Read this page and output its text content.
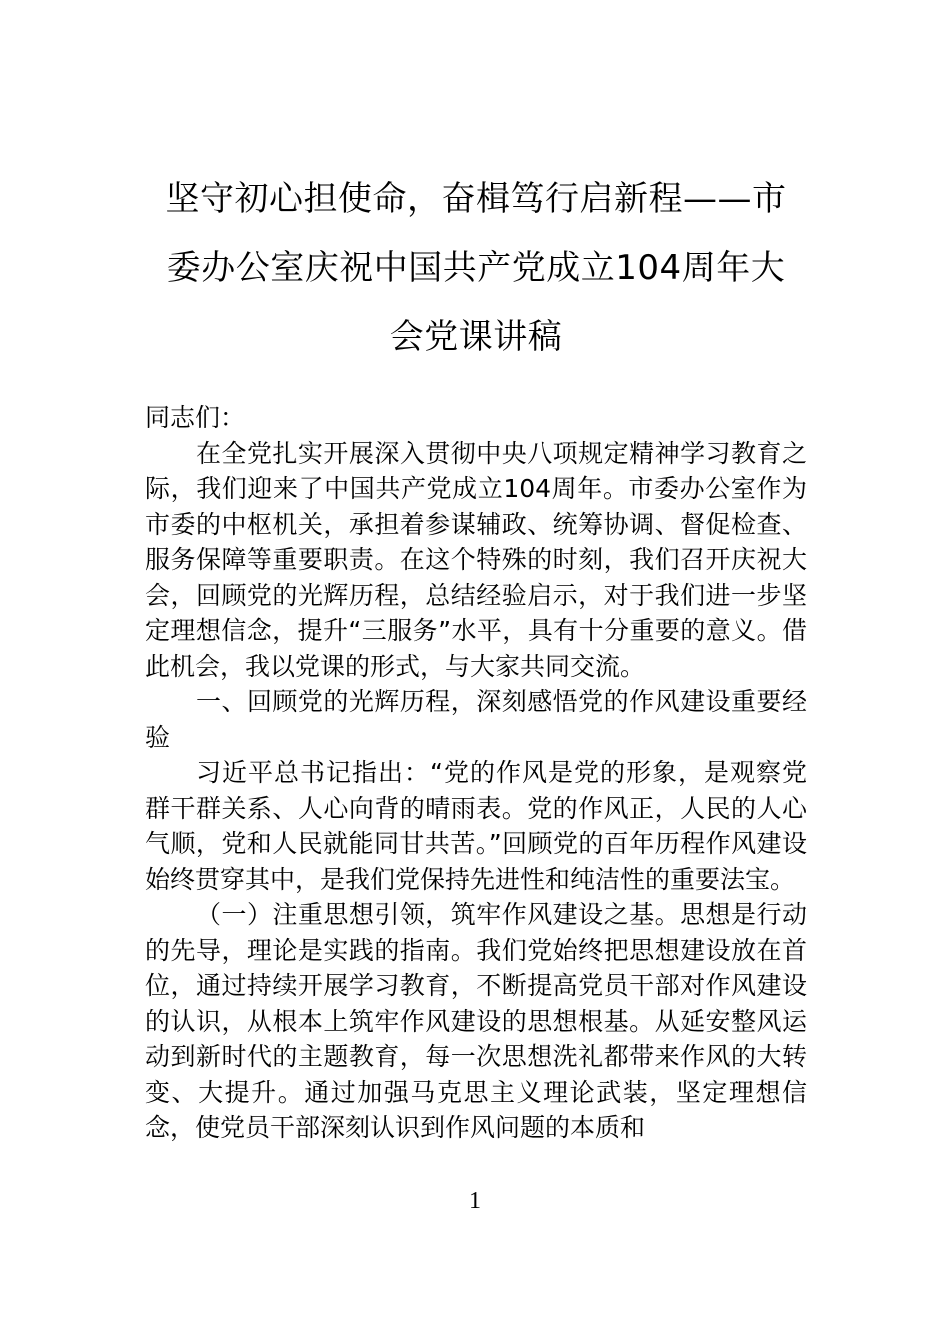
坚守初心担使命，奋楫笃行启新程——市
委办公室庆祝中国共产党成立104周年大
会党课讲稿

同志们：

在全党扎实开展深入贯彻中央八项规定精神学习教育之际，我们迎来了中国共产党成立104周年。市委办公室作为市委的中枢机关，承担着参谋辅政、统筹协调、督促检查、服务保障等重要职责。在这个特殊的时刻，我们召开庆祝大会，回顾党的光辉历程，总结经验启示，对于我们进一步坚定理想信念，提升“三服务”水平，具有十分重要的意义。借此机会，我以党课的形式，与大家共同交流。

一、回顾党的光辉历程，深刻感悟党的作风建设重要经验

习近平总书记指出：“党的作风是党的形象，是观察党群干群关系、人心向背的晴雨表。党的作风正，人民的人心气顺，党和人民就能同甘共苦。”回顾党的百年历程作风建设始终贯穿其中，是我们党保持先进性和纯洁性的重要法宝。

（一）注重思想引领，筑牢作风建设之基。思想是行动的先导，理论是实践的指南。我们党始终把思想建设放在首位，通过持续开展学习教育，不断提高党员干部对作风建设的认识，从根本上筑牢作风建设的思想根基。从延安整风运动到新时代的主题教育，每一次思想洗礼都带来作风的大转变、大提升。通过加强马克思主义理论武装，坚定理想信念，使党员干部深刻认识到作风问题的本质和

1
